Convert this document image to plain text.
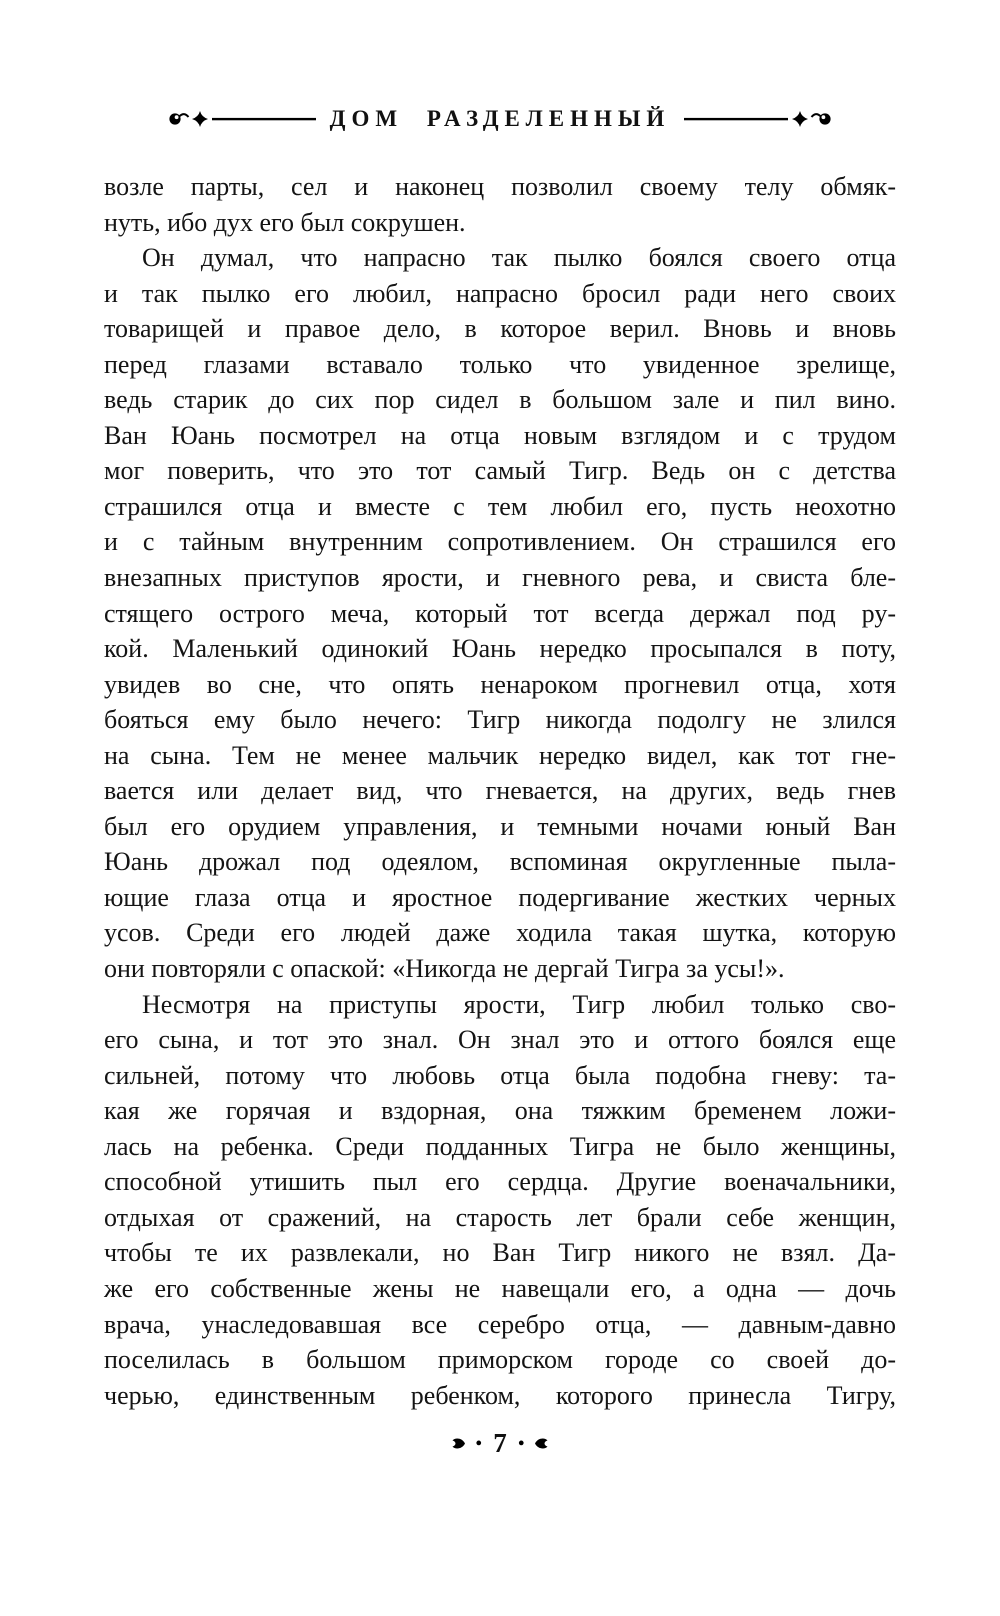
ДОМ РАЗДЕЛЕННЫЙ
возле парты, сел и наконец позволил своему телу обмяк-
нуть, ибо дух его был сокрушен.
Он думал, что напрасно так пылко боялся своего отца
и так пылко его любил, напрасно бросил ради него своих
товарищей и правое дело, в которое верил. Вновь и вновь
перед глазами вставало только что увиденное зрелище,
ведь старик до сих пор сидел в большом зале и пил вино.
Ван Юань посмотрел на отца новым взглядом и с трудом
мог поверить, что это тот самый Тигр. Ведь он с детства
страшился отца и вместе с тем любил его, пусть неохотно
и с тайным внутренним сопротивлением. Он страшился его
внезапных приступов ярости, и гневного рева, и свиста бле-
стящего острого меча, который тот всегда держал под ру-
кой. Маленький одинокий Юань нередко просыпался в поту,
увидев во сне, что опять ненароком прогневил отца, хотя
бояться ему было нечего: Тигр никогда подолгу не злился
на сына. Тем не менее мальчик нередко видел, как тот гне-
вается или делает вид, что гневается, на других, ведь гнев
был его орудием управления, и темными ночами юный Ван
Юань дрожал под одеялом, вспоминая округленные пыла-
ющие глаза отца и яростное подергивание жестких черных
усов. Среди его людей даже ходила такая шутка, которую
они повторяли с опаской: «Никогда не дергай Тигра за усы!».
Несмотря на приступы ярости, Тигр любил только сво-
его сына, и тот это знал. Он знал это и оттого боялся еще
сильней, потому что любовь отца была подобна гневу: та-
кая же горячая и вздорная, она тяжким бременем ложи-
лась на ребенка. Среди подданных Тигра не было женщины,
способной утишить пыл его сердца. Другие военачальники,
отдыхая от сражений, на старость лет брали себе женщин,
чтобы те их развлекали, но Ван Тигр никого не взял. Да-
же его собственные жены не навещали его, а одна — дочь
врача, унаследовавшая все серебро отца, — давным-давно
поселилась в большом приморском городе со своей до-
черью, единственным ребенком, которого принесла Тигру,
• 7 •
